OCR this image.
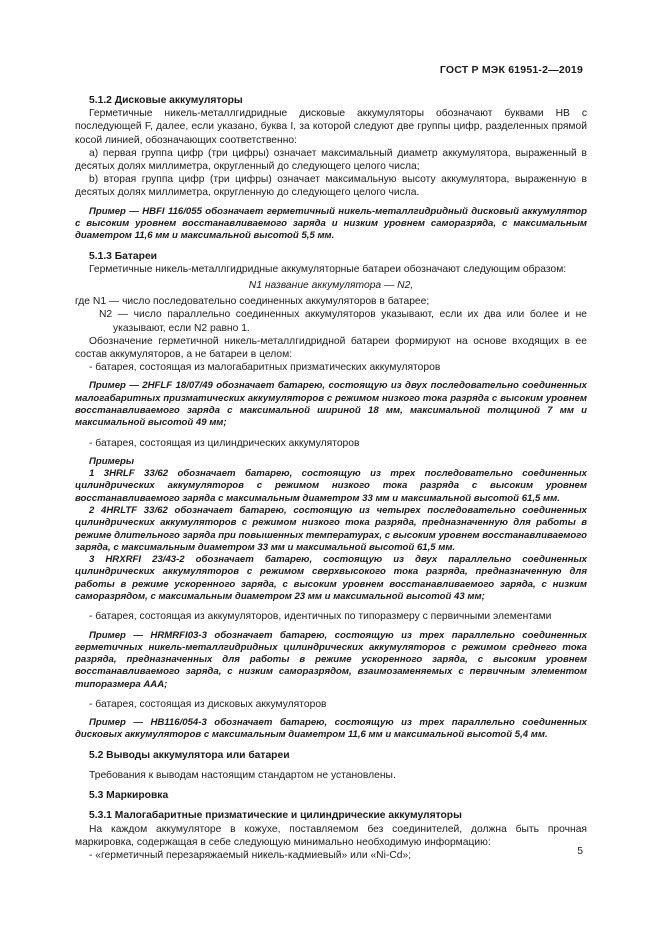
ГОСТ Р МЭК 61951-2—2019

5.1.2 Дисковые аккумуляторы

Герметичные никель-металлгидридные дисковые аккумуляторы обозначают буквами НВ с последующей F, далее, если указано, буква I, за которой следуют две группы цифр, разделенных прямой косой линией, обозначающих соответственно:

a) первая группа цифр (три цифры) означает максимальный диаметр аккумулятора, выраженный в десятых долях миллиметра, округленный до следующего целого числа;

b) вторая группа цифр (три цифры) означает максимальную высоту аккумулятора, выраженную в десятых долях миллиметра, округленную до следующего целого числа.

Пример — HBFI 116/055 обозначает герметичный никель-металлгидридный дисковый аккумулятор с высоким уровнем восстанавливаемого заряда и низким уровнем саморазряда, с максимальным диаметром 11,6 мм и максимальной высотой 5,5 мм.

5.1.3 Батареи

Герметичные никель-металлгидридные аккумуляторные батареи обозначают следующим образом:

N1 название аккумулятора — N2,

где N1 — число последовательно соединенных аккумуляторов в батарее;

N2 — число параллельно соединенных аккумуляторов указывают, если их два или более и не указывают, если N2 равно 1.

Обозначение герметичной никель-металлгидридной батареи формируют на основе входящих в ее состав аккумуляторов, а не батареи в целом:

- батарея, состоящая из малогабаритных призматических аккумуляторов

Пример — 2HFLF 18/07/49 обозначает батарею, состоящую из двух последовательно соединенных малогабаритных призматических аккумуляторов с режимом низкого тока разряда с высоким уровнем восстанавливаемого заряда с максимальной шириной 18 мм, максимальной толщиной 7 мм и максимальной высотой 49 мм;

- батарея, состоящая из цилиндрических аккумуляторов

Примеры

1 3HRLF 33/62 обозначает батарею, состоящую из трех последовательно соединенных цилиндрических аккумуляторов с режимом низкого тока разряда с высоким уровнем восстанавливаемого заряда с максимальным диаметром 33 мм и максимальной высотой 61,5 мм.

2 4HRLTF 33/62 обозначает батарею, состоящую из четырех последовательно соединенных цилиндрических аккумуляторов с режимом низкого тока разряда, предназначенную для работы в режиме длительного заряда при повышенных температурах, с высоким уровнем восстанавливаемого заряда, с максимальным диаметром 33 мм и максимальной высотой 61,5 мм.

3 HRXRFI 23/43-2 обозначает батарею, состоящую из двух параллельно соединенных цилиндрических аккумуляторов с режимом сверхвысокого тока разряда, предназначенную для работы в режиме ускоренного заряда, с высоким уровнем восстанавливаемого заряда, с низким саморазрядом, с максимальным диаметром 23 мм и максимальной высотой 43 мм;

- батарея, состоящая из аккумуляторов, идентичных по типоразмеру с первичными элементами

Пример — HRMRFI03-3 обозначает батарею, состоящую из трех параллельно соединенных герметичных никель-металлгидридных цилиндрических аккумуляторов с режимом среднего тока разряда, предназначенных для работы в режиме ускоренного заряда, с высоким уровнем восстанавливаемого заряда, с низким саморазрядом, взаимозаменяемых с первичным элементом типоразмера AAA;

- батарея, состоящая из дисковых аккумуляторов

Пример — HB116/054-3 обозначает батарею, состоящую из трех параллельно соединенных дисковых аккумуляторов с максимальным диаметром 11,6 мм и максимальной высотой 5,4 мм.

5.2 Выводы аккумулятора или батареи

Требования к выводам настоящим стандартом не установлены.

5.3 Маркировка

5.3.1 Малогабаритные призматические и цилиндрические аккумуляторы

На каждом аккумуляторе в кожухе, поставляемом без соединителей, должна быть прочная маркировка, содержащая в себе следующую минимально необходимую информацию:

- «герметичный перезаряжаемый никель-кадмиевый» или «Ni-Cd»;	5
